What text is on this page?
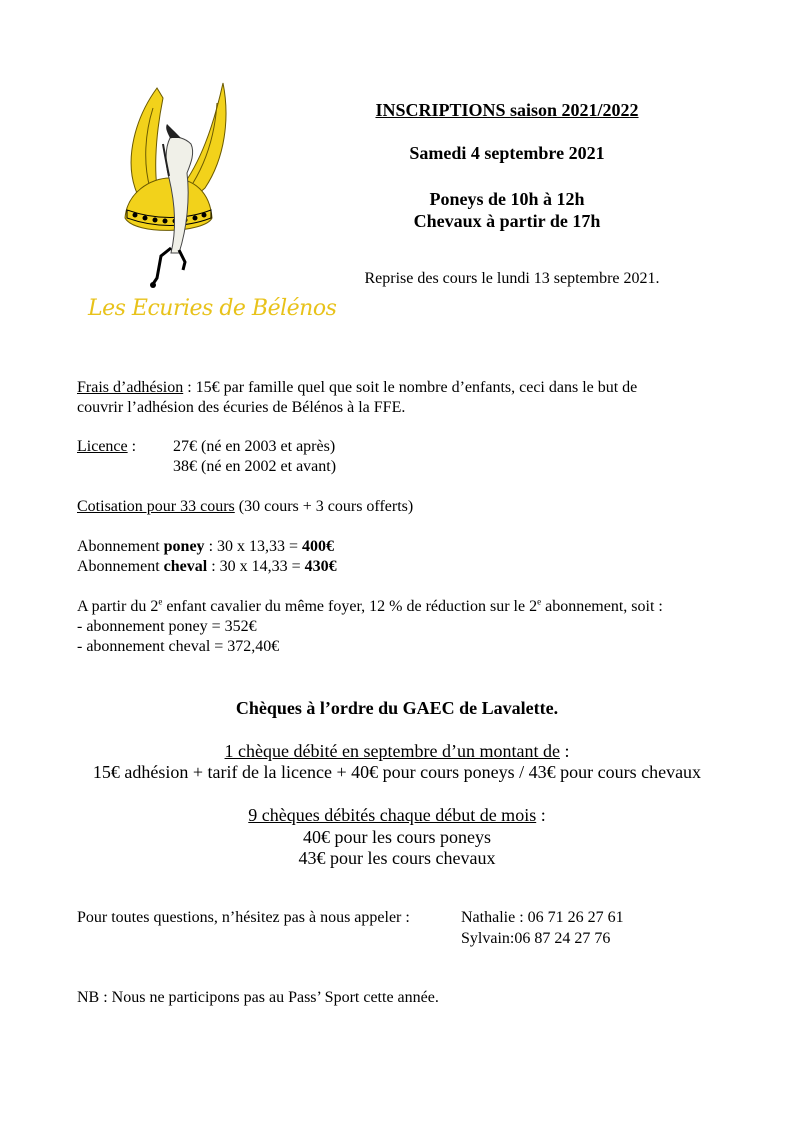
Les Ecuries de Bélénos
INSCRIPTIONS saison 2021/2022
Samedi 4 septembre 2021
Poneys de 10h à 12h
Chevaux à partir de 17h
Reprise des cours le lundi 13 septembre 2021.
Frais d’adhésion : 15€ par famille quel que soit le nombre d’enfants, ceci dans le but de
couvrir l’adhésion des écuries de Bélénos à la FFE.
Licence : 27€ (né en 2003 et après)
38€ (né en 2002 et avant)
Cotisation pour 33 cours (30 cours + 3 cours offerts)
Abonnement poney : 30 x 13,33 = 400€
Abonnement cheval : 30 x 14,33 = 430€
A partir du 2e enfant cavalier du même foyer, 12 % de réduction sur le 2e abonnement, soit :
- abonnement poney = 352€
- abonnement cheval = 372,40€
Chèques à l’ordre du GAEC de Lavalette.
1 chèque débité en septembre d’un montant de :
15€ adhésion + tarif de la licence + 40€ pour cours poneys / 43€ pour cours chevaux
9 chèques débités chaque début de mois :
40€ pour les cours poneys
43€ pour les cours chevaux
Pour toutes questions, n’hésitez pas à nous appeler :	Nathalie : 06 71 26 27 61
Sylvain:06 87 24 27 76
NB : Nous ne participons pas au Pass’ Sport cette année.
